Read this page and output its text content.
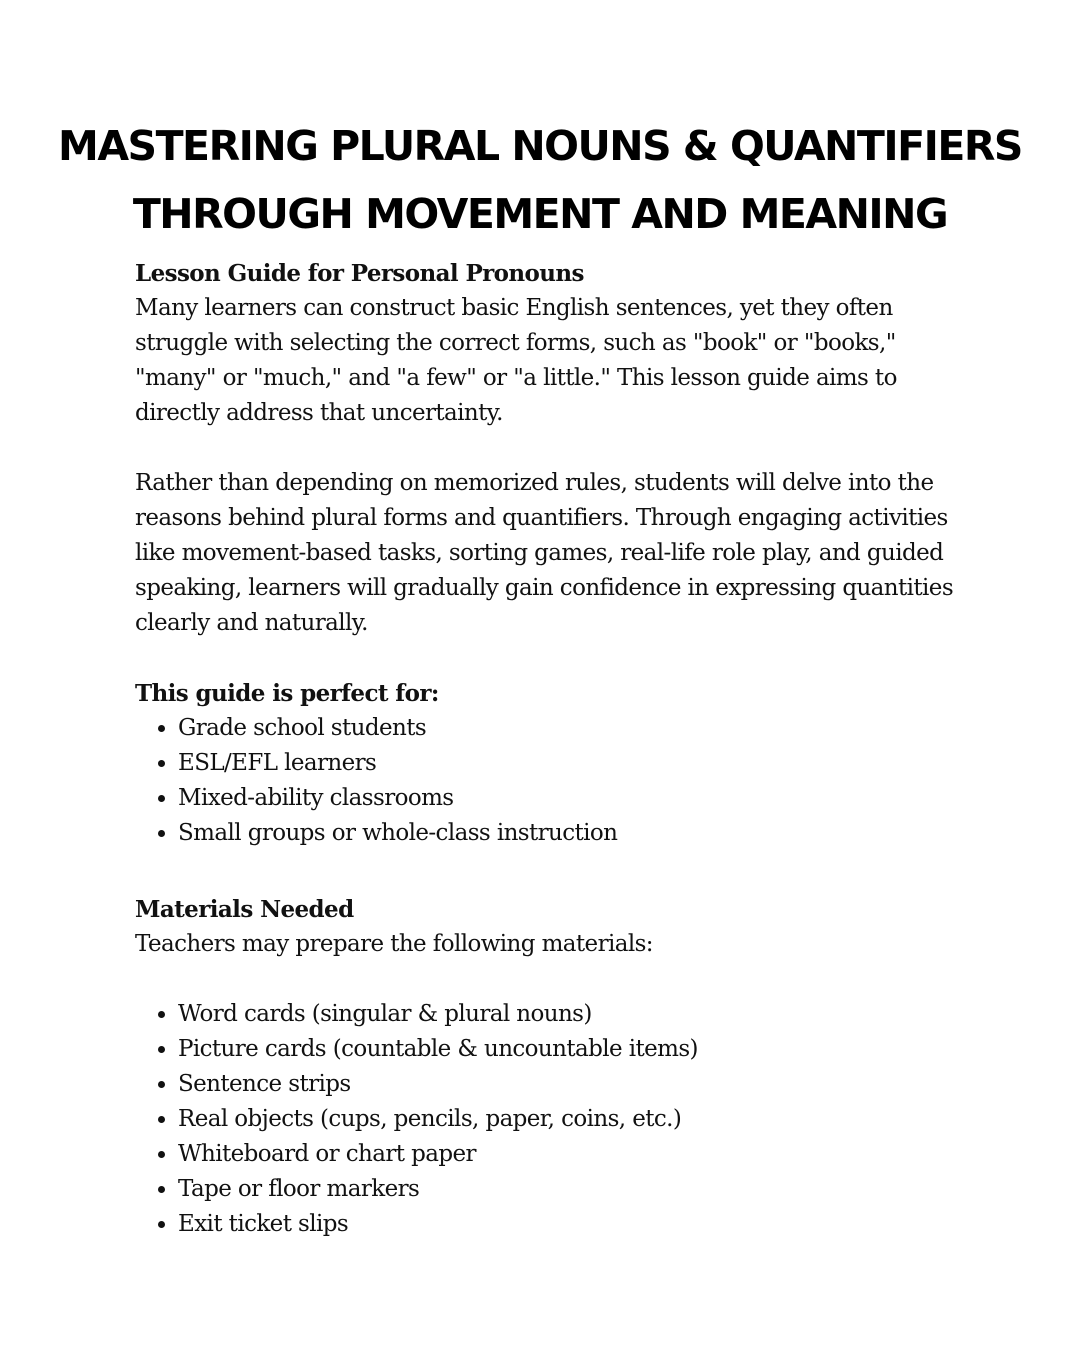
MASTERING PLURAL NOUNS & QUANTIFIERS
THROUGH MOVEMENT AND MEANING

Lesson Guide for Personal Pronouns

Many learners can construct basic English sentences, yet they often struggle with selecting the correct forms, such as "book" or "books," "many" or "much," and "a few" or "a little." This lesson guide aims to directly address that uncertainty.

Rather than depending on memorized rules, students will delve into the reasons behind plural forms and quantifiers. Through engaging activities like movement-based tasks, sorting games, real-life role play, and guided speaking, learners will gradually gain confidence in expressing quantities clearly and naturally.

This guide is perfect for:

• Grade school students
• ESL/EFL learners
• Mixed-ability classrooms
• Small groups or whole-class instruction

Materials Needed

Teachers may prepare the following materials:

• Word cards (singular & plural nouns)
• Picture cards (countable & uncountable items)
• Sentence strips
• Real objects (cups, pencils, paper, coins, etc.)
• Whiteboard or chart paper
• Tape or floor markers
• Exit ticket slips
